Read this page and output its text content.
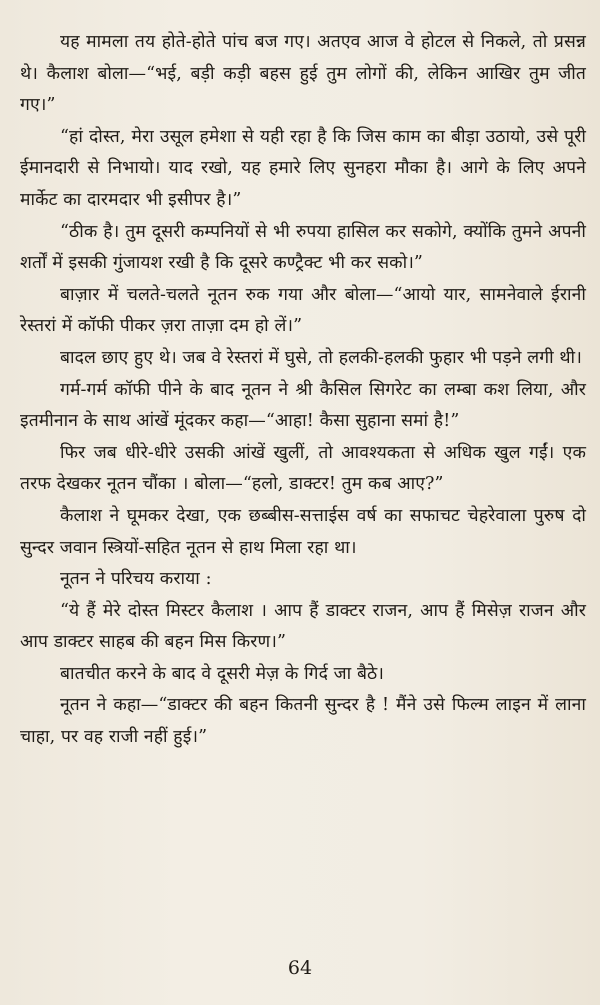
यह मामला तय होते-होते पांच बज गए। अतएव आज वे होटल से निकले, तो प्रसन्न थे। कैलाश बोला—“भई, बड़ी कड़ी बहस हुई तुम लोगों की, लेकिन आखिर तुम जीत गए।”

“हां दोस्त, मेरा उसूल हमेशा से यही रहा है कि जिस काम का बीड़ा उठायो, उसे पूरी ईमानदारी से निभायो। याद रखो, यह हमारे लिए सुनहरा मौका है। आगे के लिए अपने मार्केट का दारमदार भी इसीपर है।”

“ठीक है। तुम दूसरी कम्पनियों से भी रुपया हासिल कर सकोगे, क्योंकि तुमने अपनी शर्तों में इसकी गुंजायश रखी है कि दूसरे कण्ट्रैक्ट भी कर सको।”

बाज़ार में चलते-चलते नूतन रुक गया और बोला—“आयो यार, सामनेवाले ईरानी रेस्तरां में कॉफी पीकर ज़रा ताज़ा दम हो लें।”

बादल छाए हुए थे। जब वे रेस्तरां में घुसे, तो हलकी-हलकी फुहार भी पड़ने लगी थी।

गर्म-गर्म कॉफी पीने के बाद नूतन ने श्री कैसिल सिगरेट का लम्बा कश लिया, और इतमीनान के साथ आंखें मूंदकर कहा—“आहा! कैसा सुहाना समां है!”

फिर जब धीरे-धीरे उसकी आंखें खुलीं, तो आवश्यकता से अधिक खुल गईं। एक तरफ देखकर नूतन चौंका । बोला—“हलो, डाक्टर! तुम कब आए?”

कैलाश ने घूमकर देखा, एक छब्बीस-सत्ताईस वर्ष का सफाचट चेहरेवाला पुरुष दो सुन्दर जवान स्त्रियों-सहित नूतन से हाथ मिला रहा था।

नूतन ने परिचय कराया :

“ये हैं मेरे दोस्त मिस्टर कैलाश । आप हैं डाक्टर राजन, आप हैं मिसेज़ राजन और आप डाक्टर साहब की बहन मिस किरण।”

बातचीत करने के बाद वे दूसरी मेज़ के गिर्द जा बैठे।

नूतन ने कहा—“डाक्टर की बहन कितनी सुन्दर है ! मैंने उसे फिल्म लाइन में लाना चाहा, पर वह राजी नहीं हुई।”

64
